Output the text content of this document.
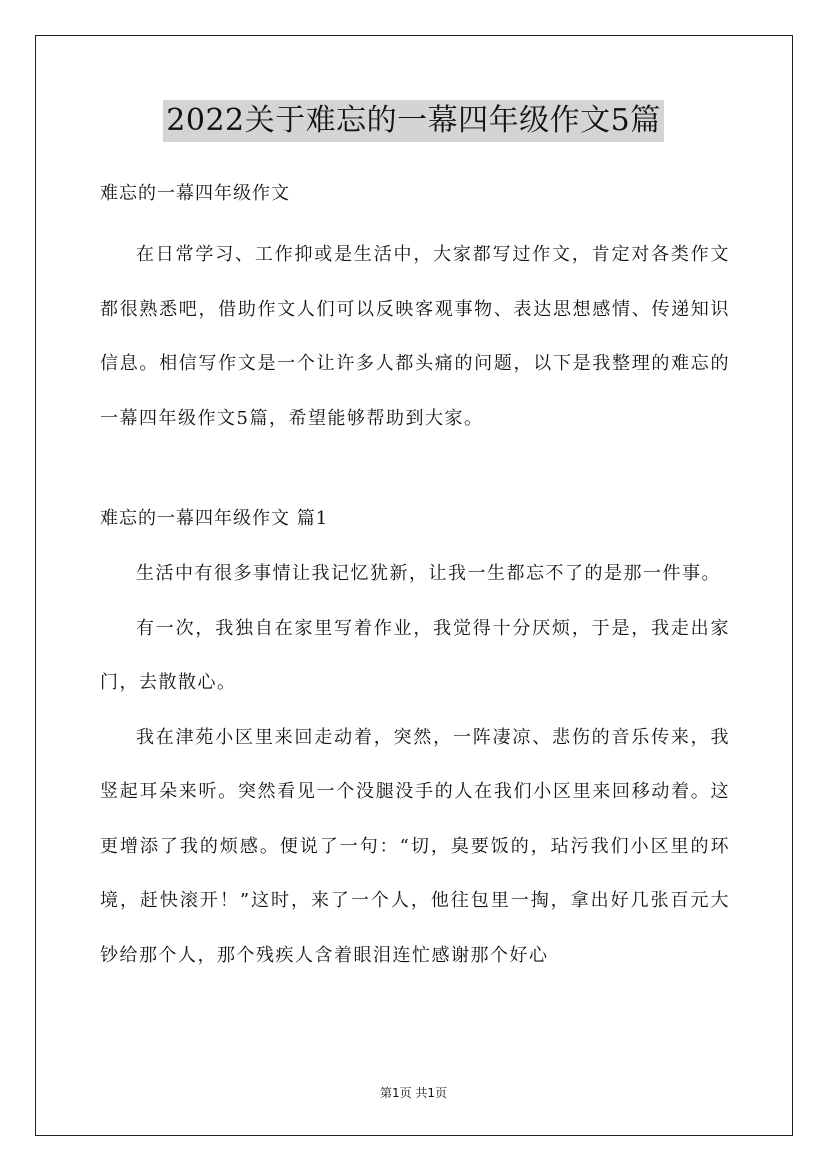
2022关于难忘的一幕四年级作文5篇

难忘的一幕四年级作文

在日常学习、工作抑或是生活中，大家都写过作文，肯定对各类作文都很熟悉吧，借助作文人们可以反映客观事物、表达思想感情、传递知识信息。相信写作文是一个让许多人都头痛的问题，以下是我整理的难忘的一幕四年级作文5篇，希望能够帮助到大家。

难忘的一幕四年级作文 篇1

生活中有很多事情让我记忆犹新，让我一生都忘不了的是那一件事。

有一次，我独自在家里写着作业，我觉得十分厌烦，于是，我走出家门，去散散心。

我在津苑小区里来回走动着，突然，一阵凄凉、悲伤的音乐传来，我竖起耳朵来听。突然看见一个没腿没手的人在我们小区里来回移动着。这更增添了我的烦感。便说了一句：“切，臭要饭的，玷污我们小区里的环境，赶快滚开！”这时，来了一个人，他往包里一掏，拿出好几张百元大钞给那个人，那个残疾人含着眼泪连忙感谢那个好心

第1页 共1页
